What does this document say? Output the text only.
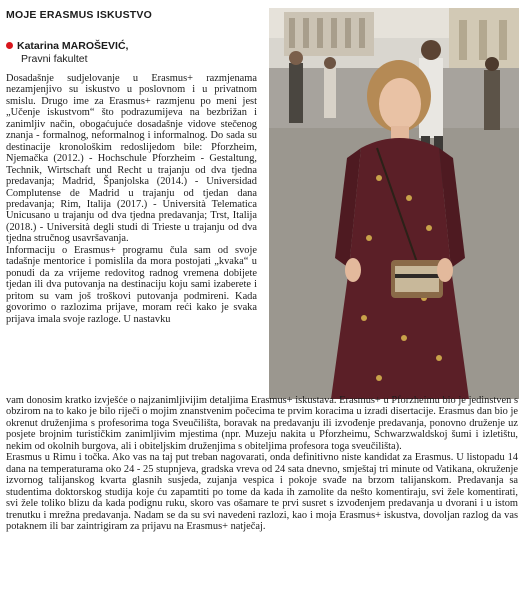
MOJE ERASMUS ISKUSTVO
Katarina MAROŠEVIĆ,
Pravni fakultet

Dosadašnje sudjelovanje u Erasmus+ razmjenama nezamjenjivo su iskustvo u poslovnom i u privatnom smislu. Drugo ime za Erasmus+ razmjenu po meni jest „Učenje iskustvom“ što podrazumijeva na bezbrižan i zanimljiv način, obogaćujuće dosadašnje vidove stečenog znanja - formalnog, neformalnog i informalnog. Do sada su destinacije kronološkim redoslijedom bile: Pforzheim, Njemačka (2012.) - Hochschule Pforzheim - Gestaltung, Technik, Wirtschaft und Recht u trajanju od dva tjedna predavanja; Madrid, Španjolska (2014.) - Universidad Complutense de Madrid u trajanju od tjedan dana predavanja; Rim, Italija (2017.) - Università Telematica Unicusano u trajanju od dva tjedna predavanja; Trst, Italija (2018.) - Università degli studi di Trieste u trajanju od dva tjedna stručnog usavršavanja.

Informaciju o Erasmus+ programu čula sam od svoje tadašnje mentorice i pomislila da mora postojati „kvaka“ u ponudi da za vrijeme redovitog radnog vremena dobijete tjedan ili dva putovanja na destinaciju koju sami izaberete i pritom su vam još troškovi putovanja podmireni. Kada govorimo o razlozima prijave, moram reći kako je svaka prijava imala svoje razloge. U nastavku

vam donosim kratko izvješće o najzanimljivijim detaljima Erasmus+ iskustava. Erasmus+ u Pforzheimu bio je jedinstven s obzirom na to kako je bilo riječi o mojim znanstvenim počecima te prvim koracima u izradi disertacije. Erasmus dan bio je okrenut druženjima s profesorima toga Sveučilišta, boravak na predavanju ili izvođenje predavanja, ponovno druženje uz posjete brojnim turističkim zanimljivim mjestima (npr. Muzeju nakita u Pforzheimu, Schwarzwaldskoj šumi i izletištu, nekim od okolnih burgova, ali i obiteljskim druženjima s obiteljima profesora toga sveučilišta).

Erasmus u Rimu i točka. Ako vas na taj put treban nagovarati, onda definitivno niste kandidat za Erasmus. U listopadu 14 dana na temperaturama oko 24 - 25 stupnjeva, gradska vreva od 24 sata dnevno, smještaj tri minute od Vatikana, okruženje izvornog talijanskog kvarta glasnih susjeda, zujanja vespica i pokoje svađe na brzom talijanskom. Predavanja sa studentima doktorskog studija koje ću zapamtiti po tome da kada ih zamolite da nešto komentiraju, svi žele komentirati, svi žele toliko blizu da kada podignu ruku, skoro vas ošamare te prvi susret s izvođenjem predavanja u dvorani i u istom trenutku i mrežna predavanja. Nadam se da su svi navedeni razlozi, kao i moja Erasmus+ iskustva, dovoljan razlog da vas potaknem ili bar zaintrigiram za prijavu na Erasmus+ natječaj.
